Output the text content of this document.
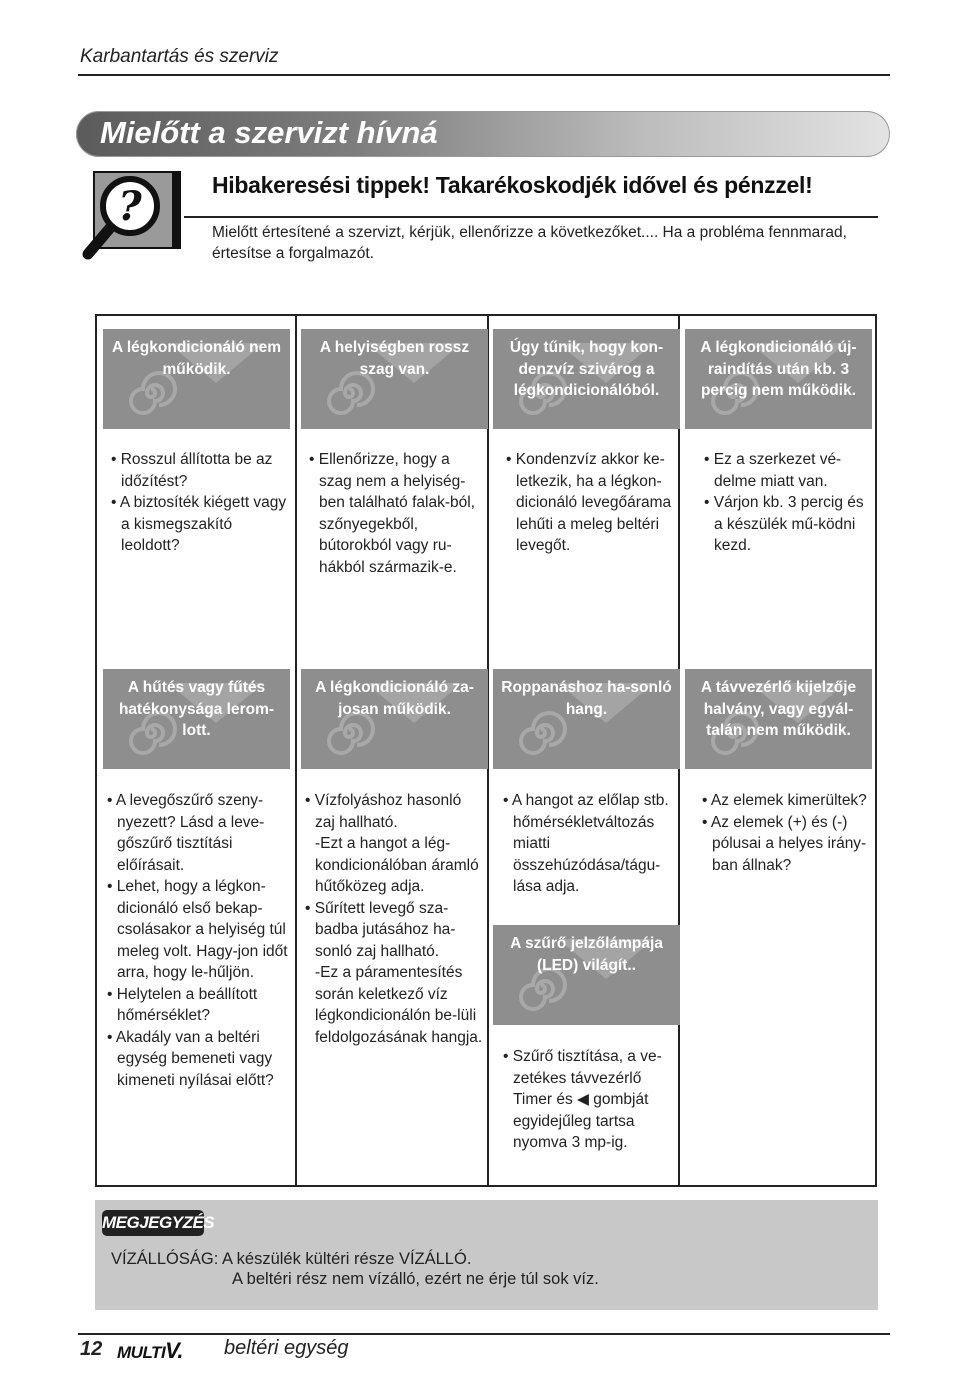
Karbantartás és szerviz
Mielőtt a szervizt hívná
?	Hibakeresési tippek! Takarékoskodjék idővel és pénzzel!
Mielőtt értesítené a szervizt, kérjük, ellenőrizze a következőket.... Ha a probléma fennmarad, értesítse a forgalmazót.
A légkondicionáló nem működik.
A helyiségben rossz szag van.
Úgy tűnik, hogy kon-denzvíz szivárog a légkondicionálóból.
A légkondicionáló új-raindítás után kb. 3 percig nem működik.
• Rosszul állította be az időzítést?
• A biztosíték kiégett vagy a kismegszakító leoldott?
• Ellenőrizze, hogy a szag nem a helyiség-ben található falak-ból, szőnyegekből, bútorokból vagy ru-hákból származik-e.
• Kondenzvíz akkor ke-letkezik, ha a légkon-dicionáló levegőárama lehűti a meleg beltéri levegőt.
• Ez a szerkezet vé-delme miatt van.
• Várjon kb. 3 percig és a készülék mű-ködni kezd.
A hűtés vagy fűtés hatékonysága lerom-lott.
A légkondicionáló za-josan működik.
Roppanáshoz ha-sonló hang.
A távvezérlő kijelzője halvány, vagy egyál-talán nem működik.
• A levegőszűrő szeny-nyezett? Lásd a leve-gőszűrő tisztítási előírásait.
• Lehet, hogy a légkon-dicionáló első bekap-csolásakor a helyiség túl meleg volt. Hagy-jon időt arra, hogy le-hűljön.
• Helytelen a beállított hőmérséklet?
• Akadály van a beltéri egység bemeneti vagy kimeneti nyílásai előtt?
• Vízfolyáshoz hasonló zaj hallható.
-Ezt a hangot a lég-kondicionálóban áramló hűtőközeg adja.
• Sűrített levegő sza-badba jutásához ha-sonló zaj hallható.
-Ez a páramentesítés során keletkező víz légkondicionálón be-lüli feldolgozásának hangja.
• A hangot az előlap stb. hőmérsékletváltozás miatti összehúzódása/tágu-lása adja.
• Az elemek kimerültek?
• Az elemek (+) és (-) pólusai a helyes irány-ban állnak?
A szűrő jelzőlámpája (LED) világít..
• Szűrő tisztítása, a ve-zetékes távvezérlő Timer és ◀ gombját egyidejűleg tartsa nyomva 3 mp-ig.
MEGJEGYZÉS
VÍZÁLLÓSÁG: A készülék kültéri része VÍZÁLLÓ.
A beltéri rész nem vízálló, ezért ne érje túl sok víz.
12 MULTIV. beltéri egység
